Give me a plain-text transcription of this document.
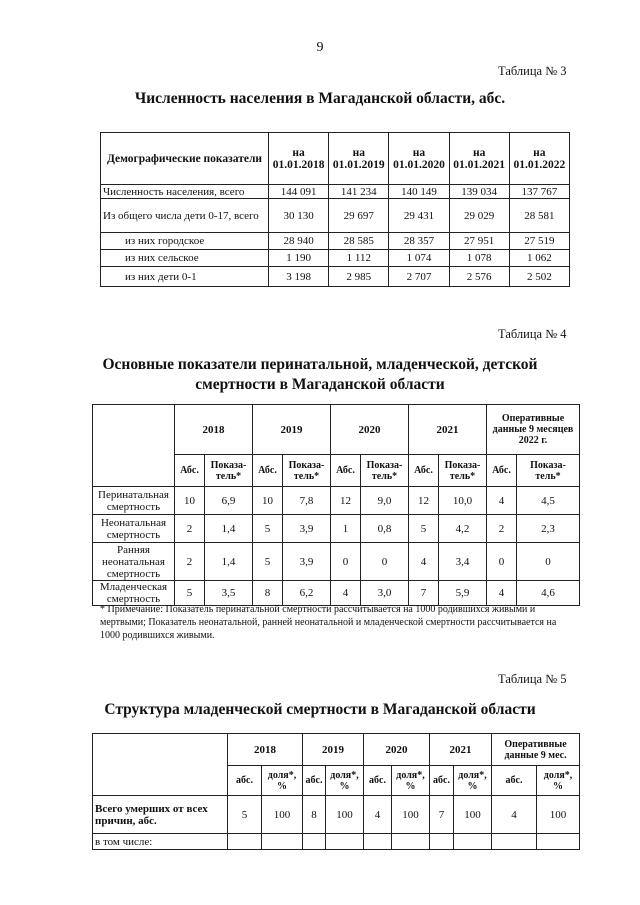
9
Таблица № 3
Численность населения в Магаданской области, абс.
Демографические показатели	на 01.01.2018	на 01.01.2019	на 01.01.2020	на 01.01.2021	на 01.01.2022
Численность населения, всего	144 091	141 234	140 149	139 034	137 767
Из общего числа дети 0-17, всего	30 130	29 697	29 431	29 029	28 581
из них городское	28 940	28 585	28 357	27 951	27 519
из них сельское	1 190	1 112	1 074	1 078	1 062
из них дети 0-1	3 198	2 985	2 707	2 576	2 502
Таблица № 4
Основные показатели перинатальной, младенческой, детской
смертности в Магаданской области
	2018		2019		2020		2021		Оперативные данные 9 месяцев 2022 г.	
	Абс.	Показа-тель*	Абс.	Показа-тель*	Абс.	Показа-тель*	Абс.	Показа-тель*	Абс.	Показа-тель*
Перинатальная смертность	10	6,9	10	7,8	12	9,0	12	10,0	4	4,5
Неонатальная смертность	2	1,4	5	3,9	1	0,8	5	4,2	2	2,3
Ранняя неонатальная смертность	2	1,4	5	3,9	0	0	4	3,4	0	0
Младенческая смертность	5	3,5	8	6,2	4	3,0	7	5,9	4	4,6
* Примечание: Показатель перинатальной смертности рассчитывается на 1000 родившихся живыми и мертвыми; Показатель неонатальной, ранней неонатальной и младенческой смертности рассчитывается на 1000 родившихся живыми.
Таблица № 5
Структура младенческой смертности в Магаданской области
	2018		2019		2020		2021		Оперативные данные 9 мес.	
	абс.	доля*, %	абс.	доля*, %	абс.	доля*, %	абс.	доля*, %	абс.	доля*, %
Всего умерших от всех причин, абс.	5	100	8	100	4	100	7	100	4	100
в том числе:										
